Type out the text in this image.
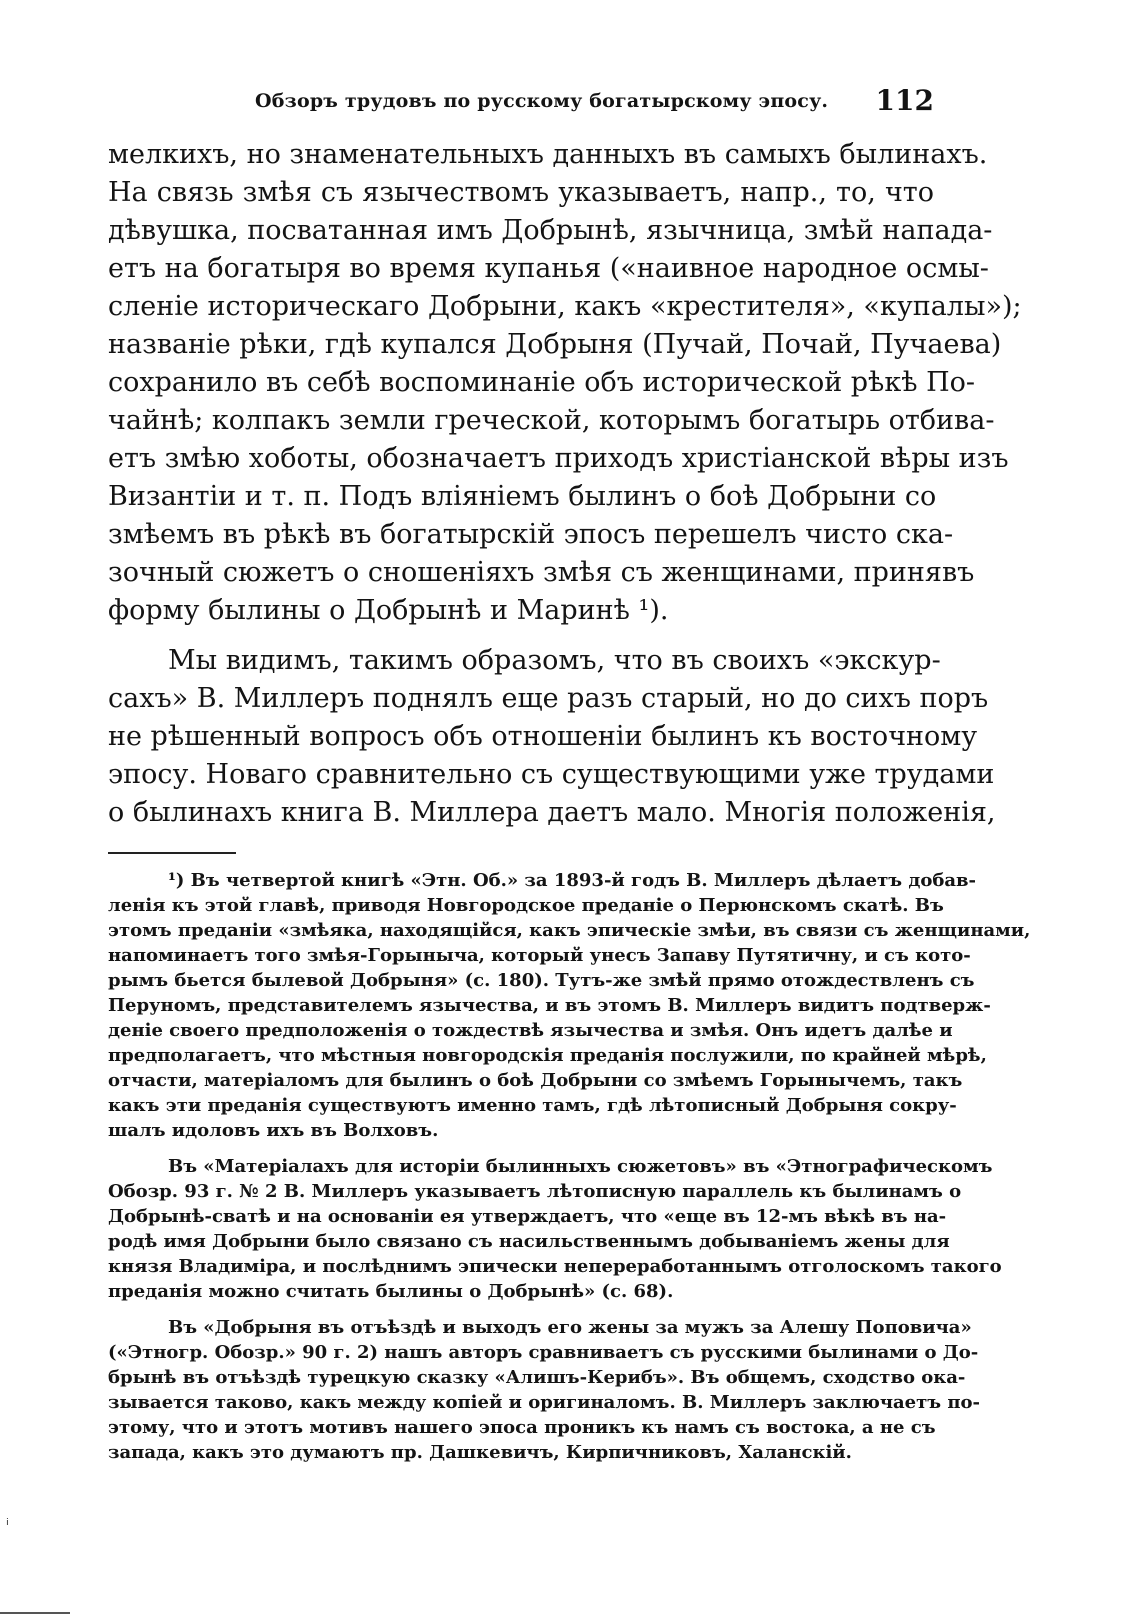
Обзоръ трудовъ по русскому богатырскому эпосу. 112
мелкихъ, но знаменательныхъ данныхъ въ самыхъ былинахъ.
На связь змѣя съ язычествомъ указываетъ, напр., то, что
дѣвушка, посватанная имъ Добрынѣ, язычница, змѣй напада-
етъ на богатыря во время купанья («наивное народное осмы-
сленіе историческаго Добрыни, какъ «крестителя», «купалы»);
названіе рѣки, гдѣ купался Добрыня (Пучай, Почай, Пучаева)
сохранило въ себѣ воспоминаніе объ исторической рѣкѣ По-
чайнѣ; колпакъ земли греческой, которымъ богатырь отбива-
етъ змѣю хоботы, обозначаетъ приходъ христіанской вѣры изъ
Византіи и т. п. Подъ вліяніемъ былинъ о боѣ Добрыни со
змѣемъ въ рѣкѣ въ богатырскій эпосъ перешелъ чисто ска-
зочный сюжетъ о сношеніяхъ змѣя съ женщинами, принявъ
форму былины о Добрынѣ и Маринѣ ¹).
Мы видимъ, такимъ образомъ, что въ своихъ «экскур-
сахъ» В. Миллеръ поднялъ еще разъ старый, но до сихъ поръ
не рѣшенный вопросъ объ отношеніи былинъ къ восточному
эпосу. Новаго сравнительно съ существующими уже трудами
о былинахъ книга В. Миллера даетъ мало. Многія положенія,
¹) Въ четвертой книгѣ «Этн. Об.» за 1893-й годъ В. Миллеръ дѣлаетъ добав-
ленія къ этой главѣ, приводя Новгородское преданіе о Перюнскомъ скатѣ. Въ
этомъ преданіи «змѣяка, находящійся, какъ эпическіе змѣи, въ связи съ женщинами,
напоминаетъ того змѣя-Горыныча, который унесъ Запаву Путятичну, и съ кото-
рымъ бьется былевой Добрыня» (с. 180). Тутъ-же змѣй прямо отождествленъ съ
Перуномъ, представителемъ язычества, и въ этомъ В. Миллеръ видитъ подтверж-
деніе своего предположенія о тождествѣ язычества и змѣя. Онъ идетъ далѣе и
предполагаетъ, что мѣстныя новгородскія преданія послужили, по крайней мѣрѣ,
отчасти, матеріаломъ для былинъ о боѣ Добрыни со змѣемъ Горынычемъ, такъ
какъ эти преданія существуютъ именно тамъ, гдѣ лѣтописный Добрыня сокру-
шалъ идоловъ ихъ въ Волховъ.
Въ «Матеріалахъ для исторіи былинныхъ сюжетовъ» въ «Этнографическомъ
Обозр. 93 г. № 2 В. Миллеръ указываетъ лѣтописную параллель къ былинамъ о
Добрынѣ-сватѣ и на основаніи ея утверждаетъ, что «еще въ 12-мъ вѣкѣ въ на-
родѣ имя Добрыни было связано съ насильственнымъ добываніемъ жены для
князя Владиміра, и послѣднимъ эпически непереработаннымъ отголоскомъ такого
преданія можно считать былины о Добрынѣ» (с. 68).
Въ «Добрыня въ отъѣздѣ и выходъ его жены за мужъ за Алешу Поповича»
(«Этногр. Обозр.» 90 г. 2) нашъ авторъ сравниваетъ съ русскими былинами о До-
брынѣ въ отъѣздѣ турецкую сказку «Алишъ-Керибъ». Въ общемъ, сходство ока-
зывается таково, какъ между копіей и оригиналомъ. В. Миллеръ заключаетъ по-
этому, что и этотъ мотивъ нашего эпоса проникъ къ намъ съ востока, а не съ
запада, какъ это думаютъ пр. Дашкевичъ, Кирпичниковъ, Халанскій.
ᵢ
